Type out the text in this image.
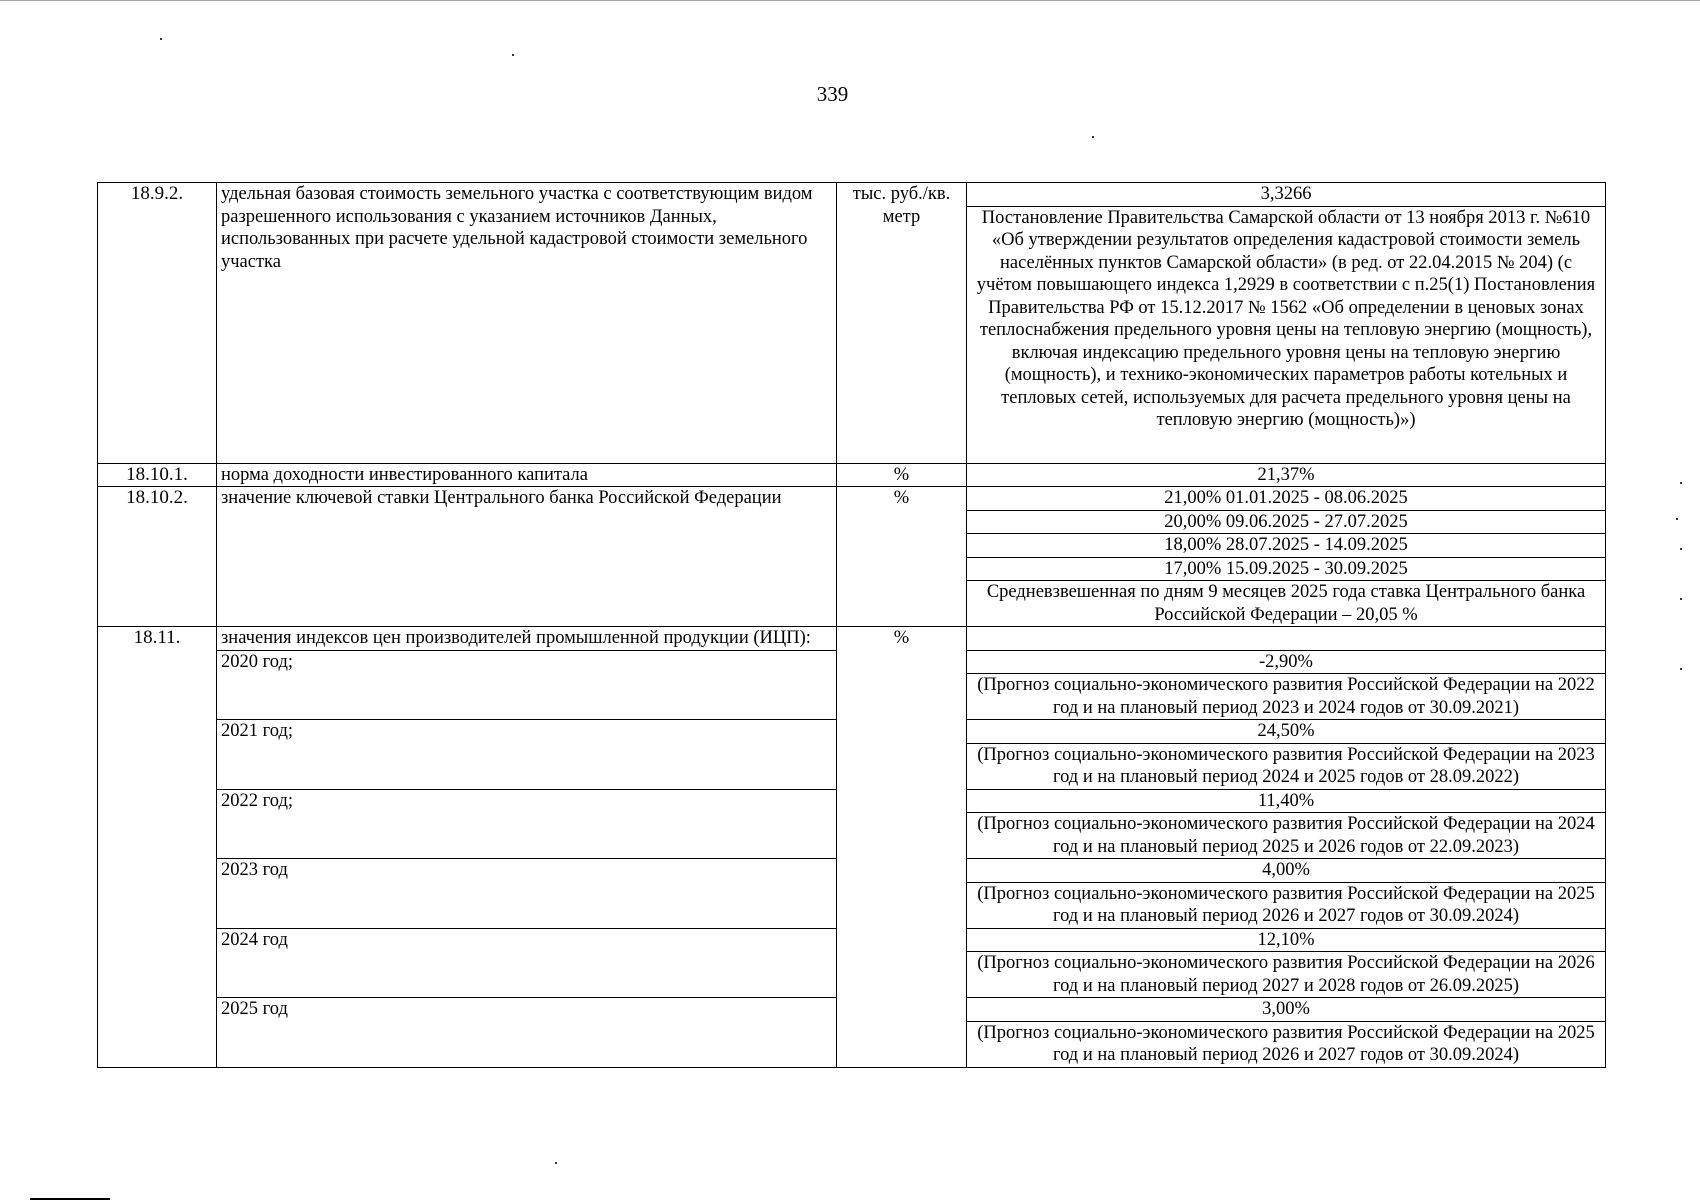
339
18.9.2.	удельная базовая стоимость земельного участка с соответствующим видом разрешенного использования с указанием источников Данных, использованных при расчете удельной кадастровой стоимости земельного участка	тыс. руб./кв. метр	3,3266
			Постановление Правительства Самарской области от 13 ноября 2013 г. №610 «Об утверждении результатов определения кадастровой стоимости земель населённых пунктов Самарской области» (в ред. от 22.04.2015 № 204) (с учётом повышающего индекса 1,2929 в соответствии с п.25(1) Постановления Правительства РФ от 15.12.2017 № 1562 «Об определении в ценовых зонах теплоснабжения предельного уровня цены на тепловую энергию (мощность), включая индексацию предельного уровня цены на тепловую энергию (мощность), и технико-экономических параметров работы котельных и тепловых сетей, используемых для расчета предельного уровня цены на тепловую энергию (мощность)»)
18.10.1.	норма доходности инвестированного капитала	%	21,37%
18.10.2.	значение ключевой ставки Центрального банка Российской Федерации	%	21,00% 01.01.2025 - 08.06.2025
			20,00% 09.06.2025 - 27.07.2025
			18,00% 28.07.2025 - 14.09.2025
			17,00% 15.09.2025 - 30.09.2025
			Средневзвешенная по дням 9 месяцев 2025 года ставка Центрального банка Российской Федерации – 20,05 %
18.11.	значения индексов цен производителей промышленной продукции (ИЦП):	%	
	2020 год;		-2,90%
			(Прогноз социально-экономического развития Российской Федерации на 2022 год и на плановый период 2023 и 2024 годов от 30.09.2021)
	2021 год;		24,50%
			(Прогноз социально-экономического развития Российской Федерации на 2023 год и на плановый период 2024 и 2025 годов от 28.09.2022)
	2022 год;		11,40%
			(Прогноз социально-экономического развития Российской Федерации на 2024 год и на плановый период 2025 и 2026 годов от 22.09.2023)
	2023 год		4,00%
			(Прогноз социально-экономического развития Российской Федерации на 2025 год и на плановый период 2026 и 2027 годов от 30.09.2024)
	2024 год		12,10%
			(Прогноз социально-экономического развития Российской Федерации на 2026 год и на плановый период 2027 и 2028 годов от 26.09.2025)
	2025 год		3,00%
			(Прогноз социально-экономического развития Российской Федерации на 2025 год и на плановый период 2026 и 2027 годов от 30.09.2024)
